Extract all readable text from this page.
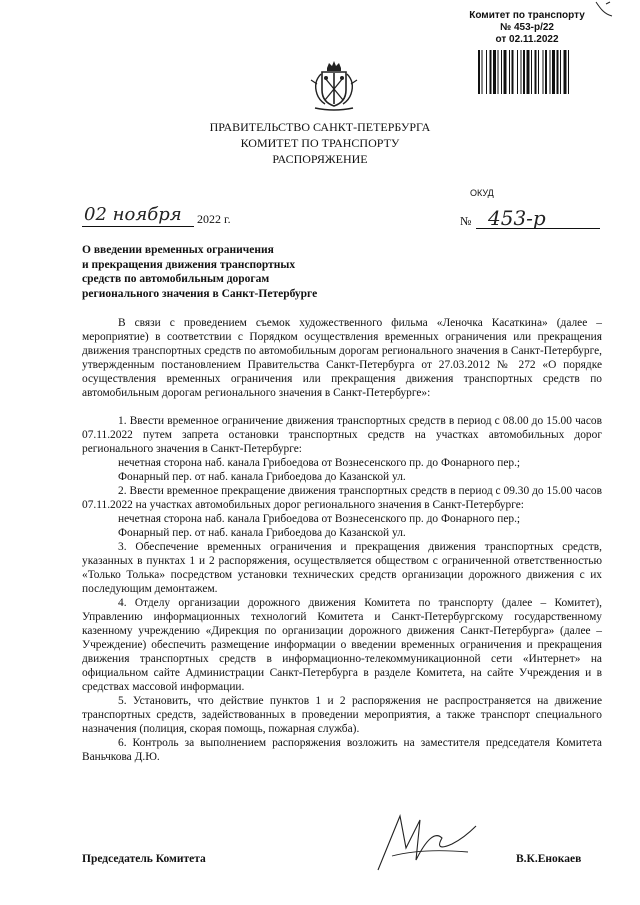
Комитет по транспорту
№ 453-р/22
от 02.11.2022
ПРАВИТЕЛЬСТВО САНКТ-ПЕТЕРБУРГА
КОМИТЕТ ПО ТРАНСПОРТУ
РАСПОРЯЖЕНИЕ
ОКУД
02 ноября 2022 г.	№ 453-р
О введении временных ограничения
и прекращения движения транспортных
средств по автомобильным дорогам
регионального значения в Санкт-Петербурге

В связи с проведением съемок художественного фильма «Леночка Касаткина» (далее – мероприятие) в соответствии с Порядком осуществления временных ограничения или прекращения движения транспортных средств по автомобильным дорогам регионального значения в Санкт-Петербурге, утвержденным постановлением Правительства Санкт-Петербурга от 27.03.2012 № 272 «О порядке осуществления временных ограничения или прекращения движения транспортных средств по автомобильным дорогам регионального значения в Санкт-Петербурге»:

1. Ввести временное ограничение движения транспортных средств в период с 08.00 до 15.00 часов 07.11.2022 путем запрета остановки транспортных средств на участках автомобильных дорог регионального значения в Санкт-Петербурге:

нечетная сторона наб. канала Грибоедова от Вознесенского пр. до Фонарного пер.;

Фонарный пер. от наб. канала Грибоедова до Казанской ул.

2. Ввести временное прекращение движения транспортных средств в период с 09.30 до 15.00 часов 07.11.2022 на участках автомобильных дорог регионального значения в Санкт-Петербурге:

нечетная сторона наб. канала Грибоедова от Вознесенского пр. до Фонарного пер.;

Фонарный пер. от наб. канала Грибоедова до Казанской ул.

3. Обеспечение временных ограничения и прекращения движения транспортных средств, указанных в пунктах 1 и 2 распоряжения, осуществляется обществом с ограниченной ответственностью «Только Толька» посредством установки технических средств организации дорожного движения с их последующим демонтажем.

4. Отделу организации дорожного движения Комитета по транспорту (далее – Комитет), Управлению информационных технологий Комитета и Санкт-Петербургскому государственному казенному учреждению «Дирекция по организации дорожного движения Санкт-Петербурга» (далее – Учреждение) обеспечить размещение информации о введении временных ограничения и прекращения движения транспортных средств в информационно-телекоммуникационной сети «Интернет» на официальном сайте Администрации Санкт-Петербурга в разделе Комитета, на сайте Учреждения и в средствах массовой информации.

5. Установить, что действие пунктов 1 и 2 распоряжения не распространяется на движение транспортных средств, задействованных в проведении мероприятия, а также транспорт специального назначения (полиция, скорая помощь, пожарная служба).

6. Контроль за выполнением распоряжения возложить на заместителя председателя Комитета Ваньчкова Д.Ю.

Председатель Комитета	В.К.Енокаев
